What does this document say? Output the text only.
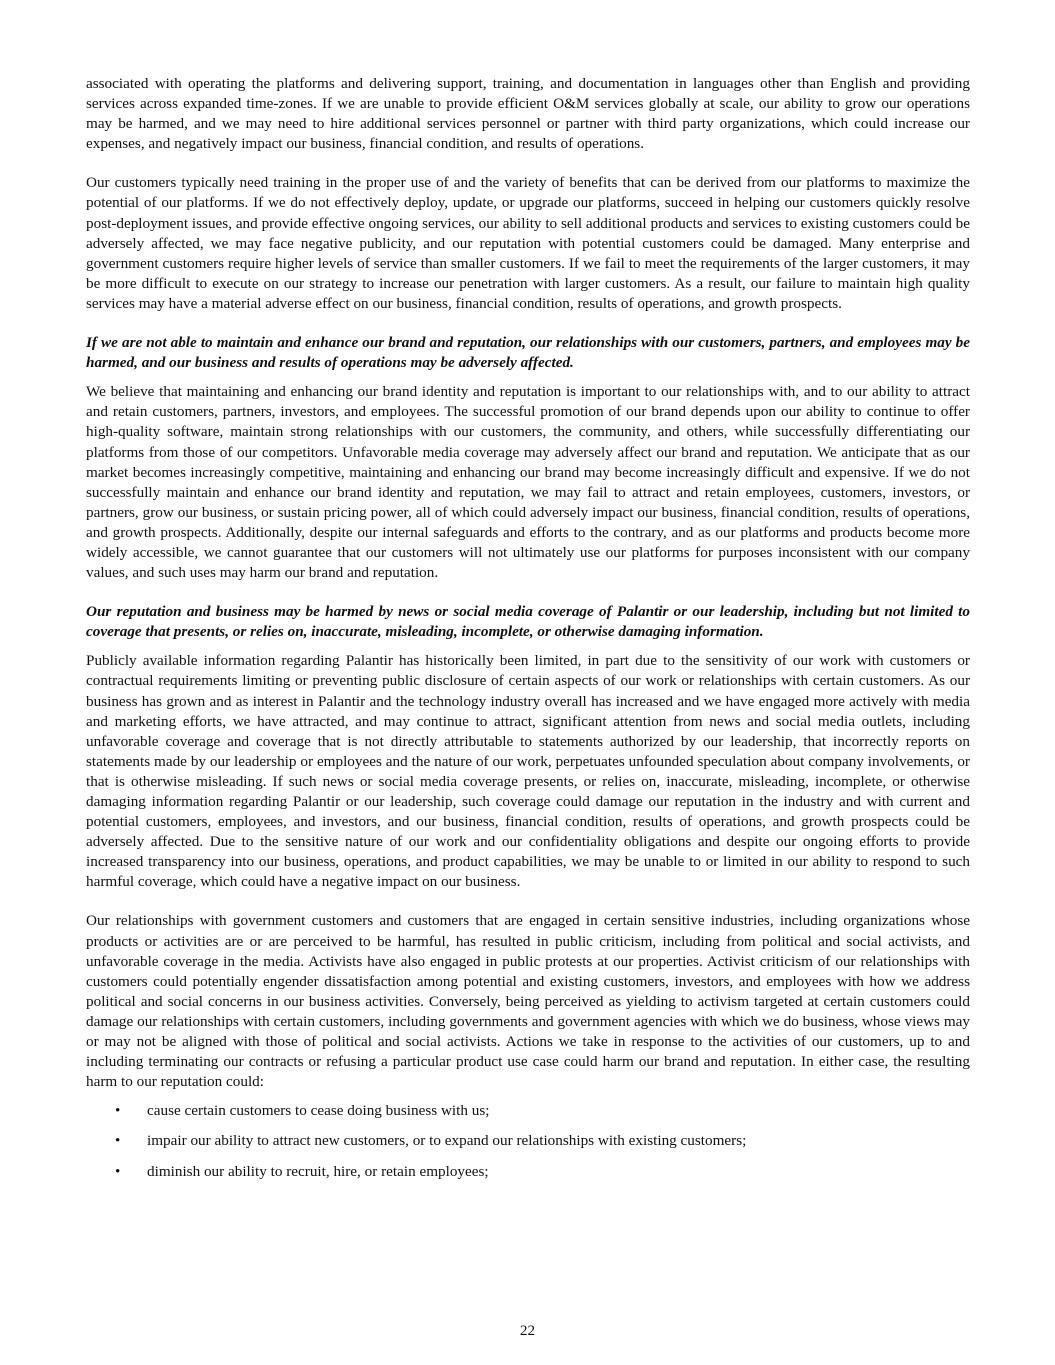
associated with operating the platforms and delivering support, training, and documentation in languages other than English and providing services across expanded time-zones. If we are unable to provide efficient O&M services globally at scale, our ability to grow our operations may be harmed, and we may need to hire additional services personnel or partner with third party organizations, which could increase our expenses, and negatively impact our business, financial condition, and results of operations.

Our customers typically need training in the proper use of and the variety of benefits that can be derived from our platforms to maximize the potential of our platforms. If we do not effectively deploy, update, or upgrade our platforms, succeed in helping our customers quickly resolve post-deployment issues, and provide effective ongoing services, our ability to sell additional products and services to existing customers could be adversely affected, we may face negative publicity, and our reputation with potential customers could be damaged. Many enterprise and government customers require higher levels of service than smaller customers. If we fail to meet the requirements of the larger customers, it may be more difficult to execute on our strategy to increase our penetration with larger customers. As a result, our failure to maintain high quality services may have a material adverse effect on our business, financial condition, results of operations, and growth prospects.

If we are not able to maintain and enhance our brand and reputation, our relationships with our customers, partners, and employees may be harmed, and our business and results of operations may be adversely affected.

We believe that maintaining and enhancing our brand identity and reputation is important to our relationships with, and to our ability to attract and retain customers, partners, investors, and employees. The successful promotion of our brand depends upon our ability to continue to offer high-quality software, maintain strong relationships with our customers, the community, and others, while successfully differentiating our platforms from those of our competitors. Unfavorable media coverage may adversely affect our brand and reputation. We anticipate that as our market becomes increasingly competitive, maintaining and enhancing our brand may become increasingly difficult and expensive. If we do not successfully maintain and enhance our brand identity and reputation, we may fail to attract and retain employees, customers, investors, or partners, grow our business, or sustain pricing power, all of which could adversely impact our business, financial condition, results of operations, and growth prospects. Additionally, despite our internal safeguards and efforts to the contrary, and as our platforms and products become more widely accessible, we cannot guarantee that our customers will not ultimately use our platforms for purposes inconsistent with our company values, and such uses may harm our brand and reputation.

Our reputation and business may be harmed by news or social media coverage of Palantir or our leadership, including but not limited to coverage that presents, or relies on, inaccurate, misleading, incomplete, or otherwise damaging information.

Publicly available information regarding Palantir has historically been limited, in part due to the sensitivity of our work with customers or contractual requirements limiting or preventing public disclosure of certain aspects of our work or relationships with certain customers. As our business has grown and as interest in Palantir and the technology industry overall has increased and we have engaged more actively with media and marketing efforts, we have attracted, and may continue to attract, significant attention from news and social media outlets, including unfavorable coverage and coverage that is not directly attributable to statements authorized by our leadership, that incorrectly reports on statements made by our leadership or employees and the nature of our work, perpetuates unfounded speculation about company involvements, or that is otherwise misleading. If such news or social media coverage presents, or relies on, inaccurate, misleading, incomplete, or otherwise damaging information regarding Palantir or our leadership, such coverage could damage our reputation in the industry and with current and potential customers, employees, and investors, and our business, financial condition, results of operations, and growth prospects could be adversely affected. Due to the sensitive nature of our work and our confidentiality obligations and despite our ongoing efforts to provide increased transparency into our business, operations, and product capabilities, we may be unable to or limited in our ability to respond to such harmful coverage, which could have a negative impact on our business.

Our relationships with government customers and customers that are engaged in certain sensitive industries, including organizations whose products or activities are or are perceived to be harmful, has resulted in public criticism, including from political and social activists, and unfavorable coverage in the media. Activists have also engaged in public protests at our properties. Activist criticism of our relationships with customers could potentially engender dissatisfaction among potential and existing customers, investors, and employees with how we address political and social concerns in our business activities. Conversely, being perceived as yielding to activism targeted at certain customers could damage our relationships with certain customers, including governments and government agencies with which we do business, whose views may or may not be aligned with those of political and social activists. Actions we take in response to the activities of our customers, up to and including terminating our contracts or refusing a particular product use case could harm our brand and reputation. In either case, the resulting harm to our reputation could:

• cause certain customers to cease doing business with us;
• impair our ability to attract new customers, or to expand our relationships with existing customers;
• diminish our ability to recruit, hire, or retain employees;
22
